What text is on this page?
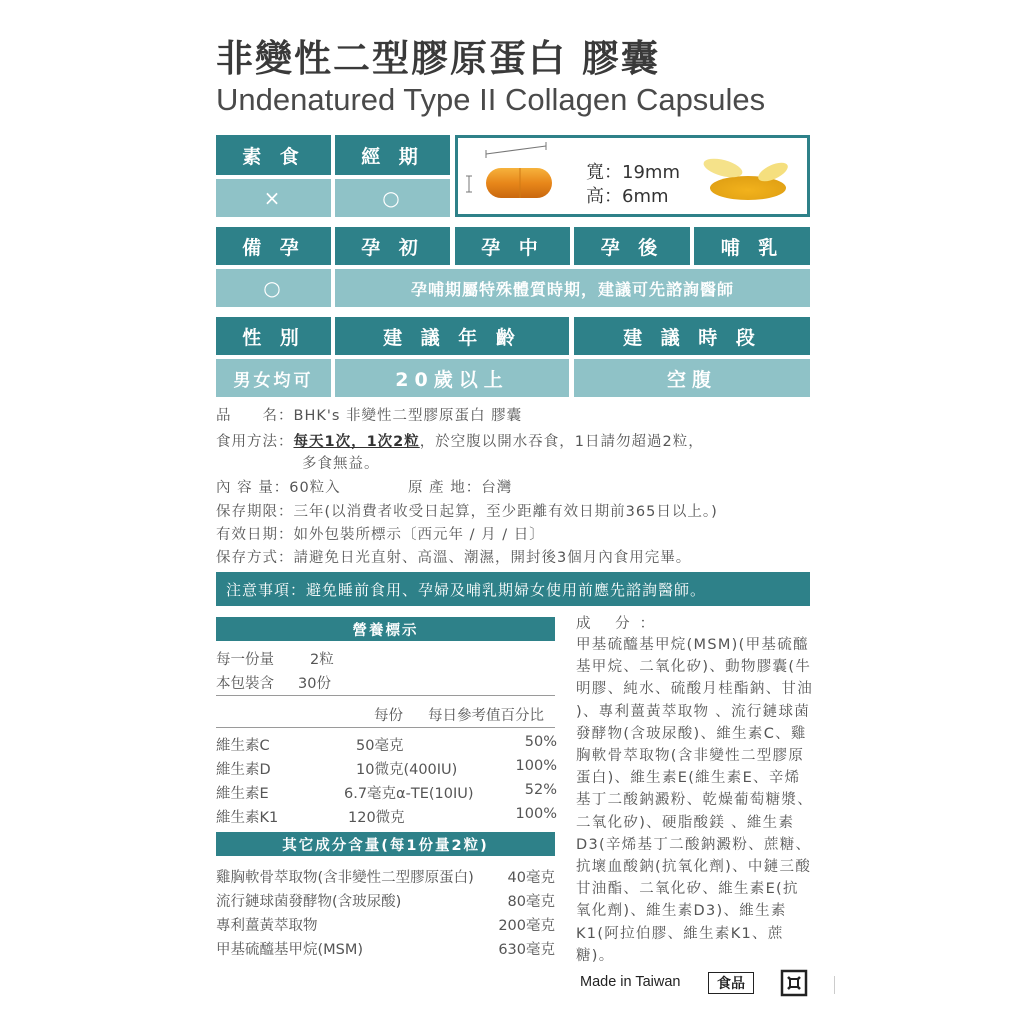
非變性二型膠原蛋白 膠囊
Undenatured Type II Collagen Capsules
素 食	經 期
×	○
寬：19mm
高：6mm
備 孕	孕 初	孕 中	孕 後	哺 乳
○	孕哺期屬特殊體質時期，建議可先諮詢醫師
性 別	建 議 年 齡	建 議 時 段
男女均可	20歲以上	空腹
品　　名：BHK's 非變性二型膠原蛋白 膠囊
食用方法：每天1次，1次2粒，於空腹以開水吞食，1日請勿超過2粒，
多食無益。
內 容 量：60粒入	原 產 地：台灣
保存期限：三年(以消費者收受日起算，至少距離有效日期前365日以上。)
有效日期：如外包裝所標示〔西元年 / 月 / 日〕
保存方式：請避免日光直射、高溫、潮濕，開封後3個月內食用完畢。
注意事項：避免睡前食用、孕婦及哺乳期婦女使用前應先諮詢醫師。
營養標示
每一份量 2粒
本包裝含 30份
每份 每日參考值百分比
維生素C	50毫克	50%
維生素D	10微克(400IU)	100%
維生素E	6.7毫克α-TE(10IU)	52%
維生素K1	120微克	100%
其它成分含量(每1份量2粒)
雞胸軟骨萃取物(含非變性二型膠原蛋白) 40毫克
流行鏈球菌發酵物(含玻尿酸)	80毫克
專利薑黃萃取物	200毫克
甲基硫醯基甲烷(MSM)	630毫克
成 分：
甲基硫醯基甲烷(MSM)(甲基硫醯基甲烷、二氧化矽)、動物膠囊(牛明膠、純水、硫酸月桂酯鈉、甘油 )、專利薑黃萃取物 、流行鏈球菌發酵物(含玻尿酸)、維生素C、雞胸軟骨萃取物(含非變性二型膠原蛋白)、維生素E(維生素E、辛烯基丁二酸鈉澱粉、乾燥葡萄糖漿、二氧化矽)、硬脂酸鎂 、維生素D3(辛烯基丁二酸鈉澱粉、蔗糖、抗壞血酸鈉(抗氧化劑)、中鏈三酸甘油酯、二氧化矽、維生素E(抗氧化劑)、維生素D3)、維生素K1(阿拉伯膠、維生素K1、蔗糖)。
Made in Taiwan	食品
